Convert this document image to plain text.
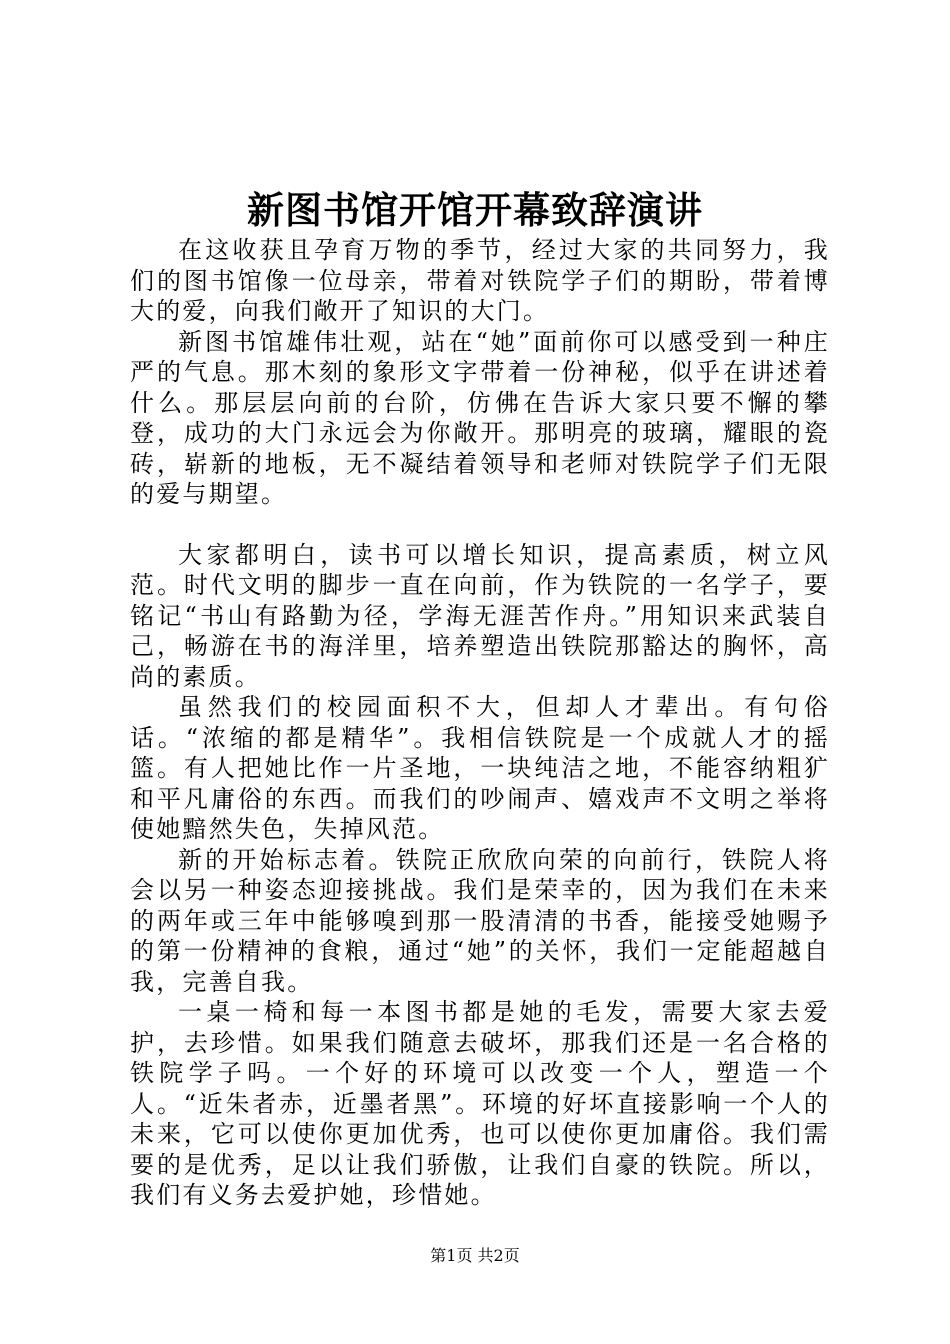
新图书馆开馆开幕致辞演讲

在这收获且孕育万物的季节，经过大家的共同努力，我们的图书馆像一位母亲，带着对铁院学子们的期盼，带着博大的爱，向我们敞开了知识的大门。

新图书馆雄伟壮观，站在“她”面前你可以感受到一种庄严的气息。那木刻的象形文字带着一份神秘，似乎在讲述着什么。那层层向前的台阶，仿佛在告诉大家只要不懈的攀登，成功的大门永远会为你敞开。那明亮的玻璃，耀眼的瓷砖，崭新的地板，无不凝结着领导和老师对铁院学子们无限的爱与期望。

大家都明白，读书可以增长知识，提高素质，树立风范。时代文明的脚步一直在向前，作为铁院的一名学子，要铭记“书山有路勤为径，学海无涯苦作舟。”用知识来武装自己，畅游在书的海洋里，培养塑造出铁院那豁达的胸怀，高尚的素质。

虽然我们的校园面积不大，但却人才辈出。有句俗话。“浓缩的都是精华”。我相信铁院是一个成就人才的摇篮。有人把她比作一片圣地，一块纯洁之地，不能容纳粗犷和平凡庸俗的东西。而我们的吵闹声、嬉戏声不文明之举将使她黯然失色，失掉风范。

新的开始标志着。铁院正欣欣向荣的向前行，铁院人将会以另一种姿态迎接挑战。我们是荣幸的，因为我们在未来的两年或三年中能够嗅到那一股清清的书香，能接受她赐予的第一份精神的食粮，通过“她”的关怀，我们一定能超越自我，完善自我。

一桌一椅和每一本图书都是她的毛发，需要大家去爱护，去珍惜。如果我们随意去破坏，那我们还是一名合格的铁院学子吗。一个好的环境可以改变一个人，塑造一个人。“近朱者赤，近墨者黑”。环境的好坏直接影响一个人的未来，它可以使你更加优秀，也可以使你更加庸俗。我们需要的是优秀，足以让我们骄傲，让我们自豪的铁院。所以，我们有义务去爱护她，珍惜她。

第1页 共2页
